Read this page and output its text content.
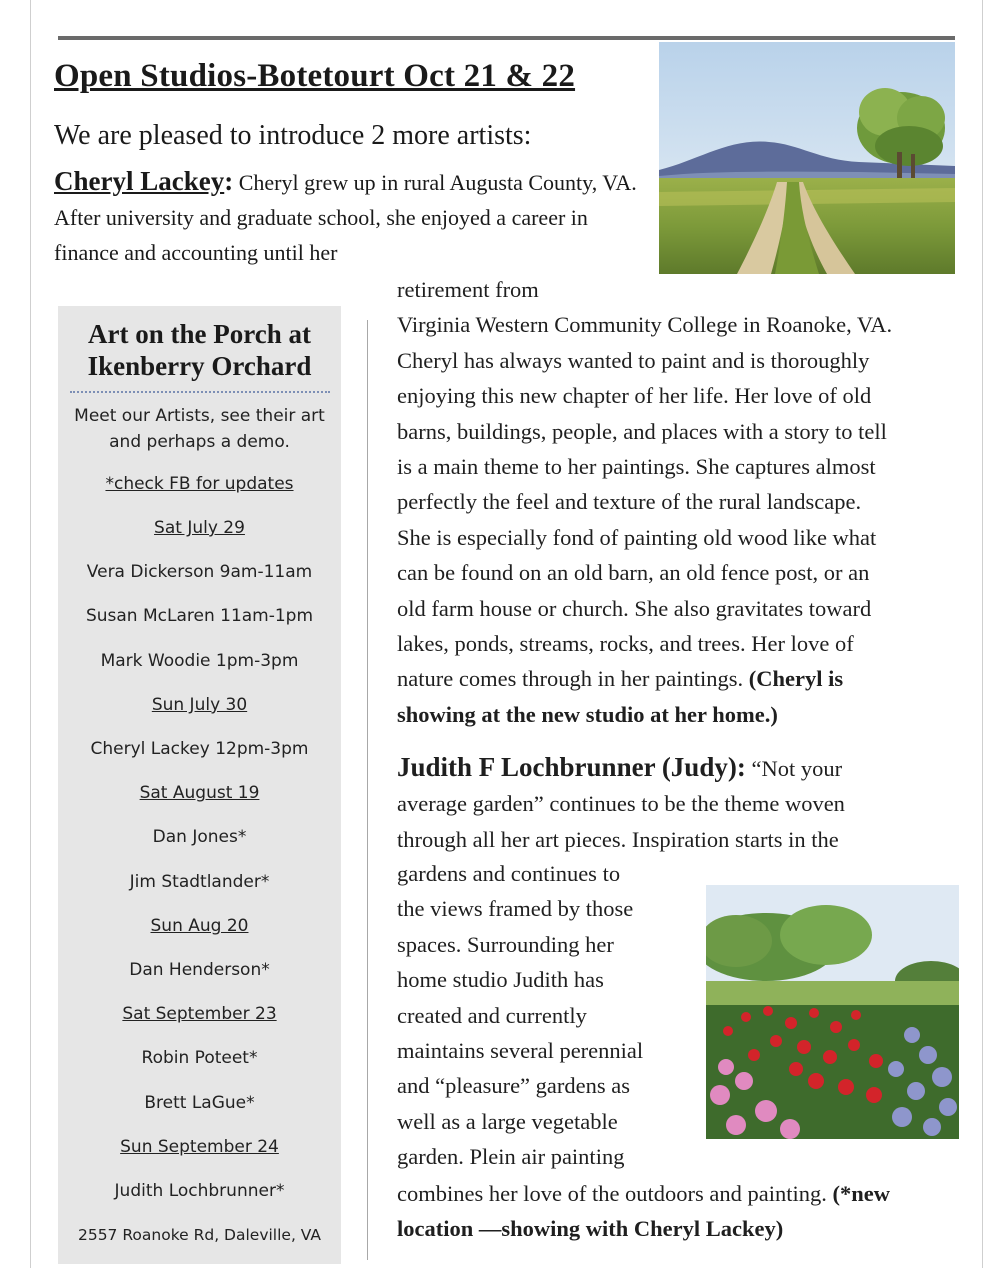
Open Studios-Botetourt Oct 21 & 22
We are pleased to introduce 2 more artists:
Cheryl Lackey: Cheryl grew up in rural Augusta County, VA. After university and graduate school, she enjoyed a career in finance and accounting until her
Art on the Porch at
Ikenberry Orchard
Meet our Artists, see their art and perhaps a demo.
*check FB for updates
Sat July 29
Vera Dickerson 9am-11am
Susan McLaren 11am-1pm
Mark Woodie 1pm-3pm
Sun July 30
Cheryl Lackey 12pm-3pm
Sat August 19
Dan Jones*
Jim Stadtlander*
Sun Aug 20
Dan Henderson*
Sat September 23
Robin Poteet*
Brett LaGue*
Sun September 24
Judith Lochbrunner*
2557 Roanoke Rd, Daleville, VA
retirement from
Virginia Western Community College in Roanoke, VA.
Cheryl has always wanted to paint and is thoroughly
enjoying this new chapter of her life. Her love of old
barns, buildings, people, and places with a story to tell
is a main theme to her paintings. She captures almost
perfectly the feel and texture of the rural landscape.
She is especially fond of painting old wood like what
can be found on an old barn, an old fence post, or an
old farm house or church. She also gravitates toward
lakes, ponds, streams, rocks, and trees. Her love of
nature comes through in her paintings. (Cheryl is
showing at the new studio at her home.)
Judith F Lochbrunner (Judy): “Not your
average garden” continues to be the theme woven
through all her art pieces. Inspiration starts in the
gardens and continues to
the views framed by those
spaces. Surrounding her
home studio Judith has
created and currently
maintains several perennial
and “pleasure” gardens as
well as a large vegetable
garden. Plein air painting
combines her love of the outdoors and painting. (*new
location —showing with Cheryl Lackey)
